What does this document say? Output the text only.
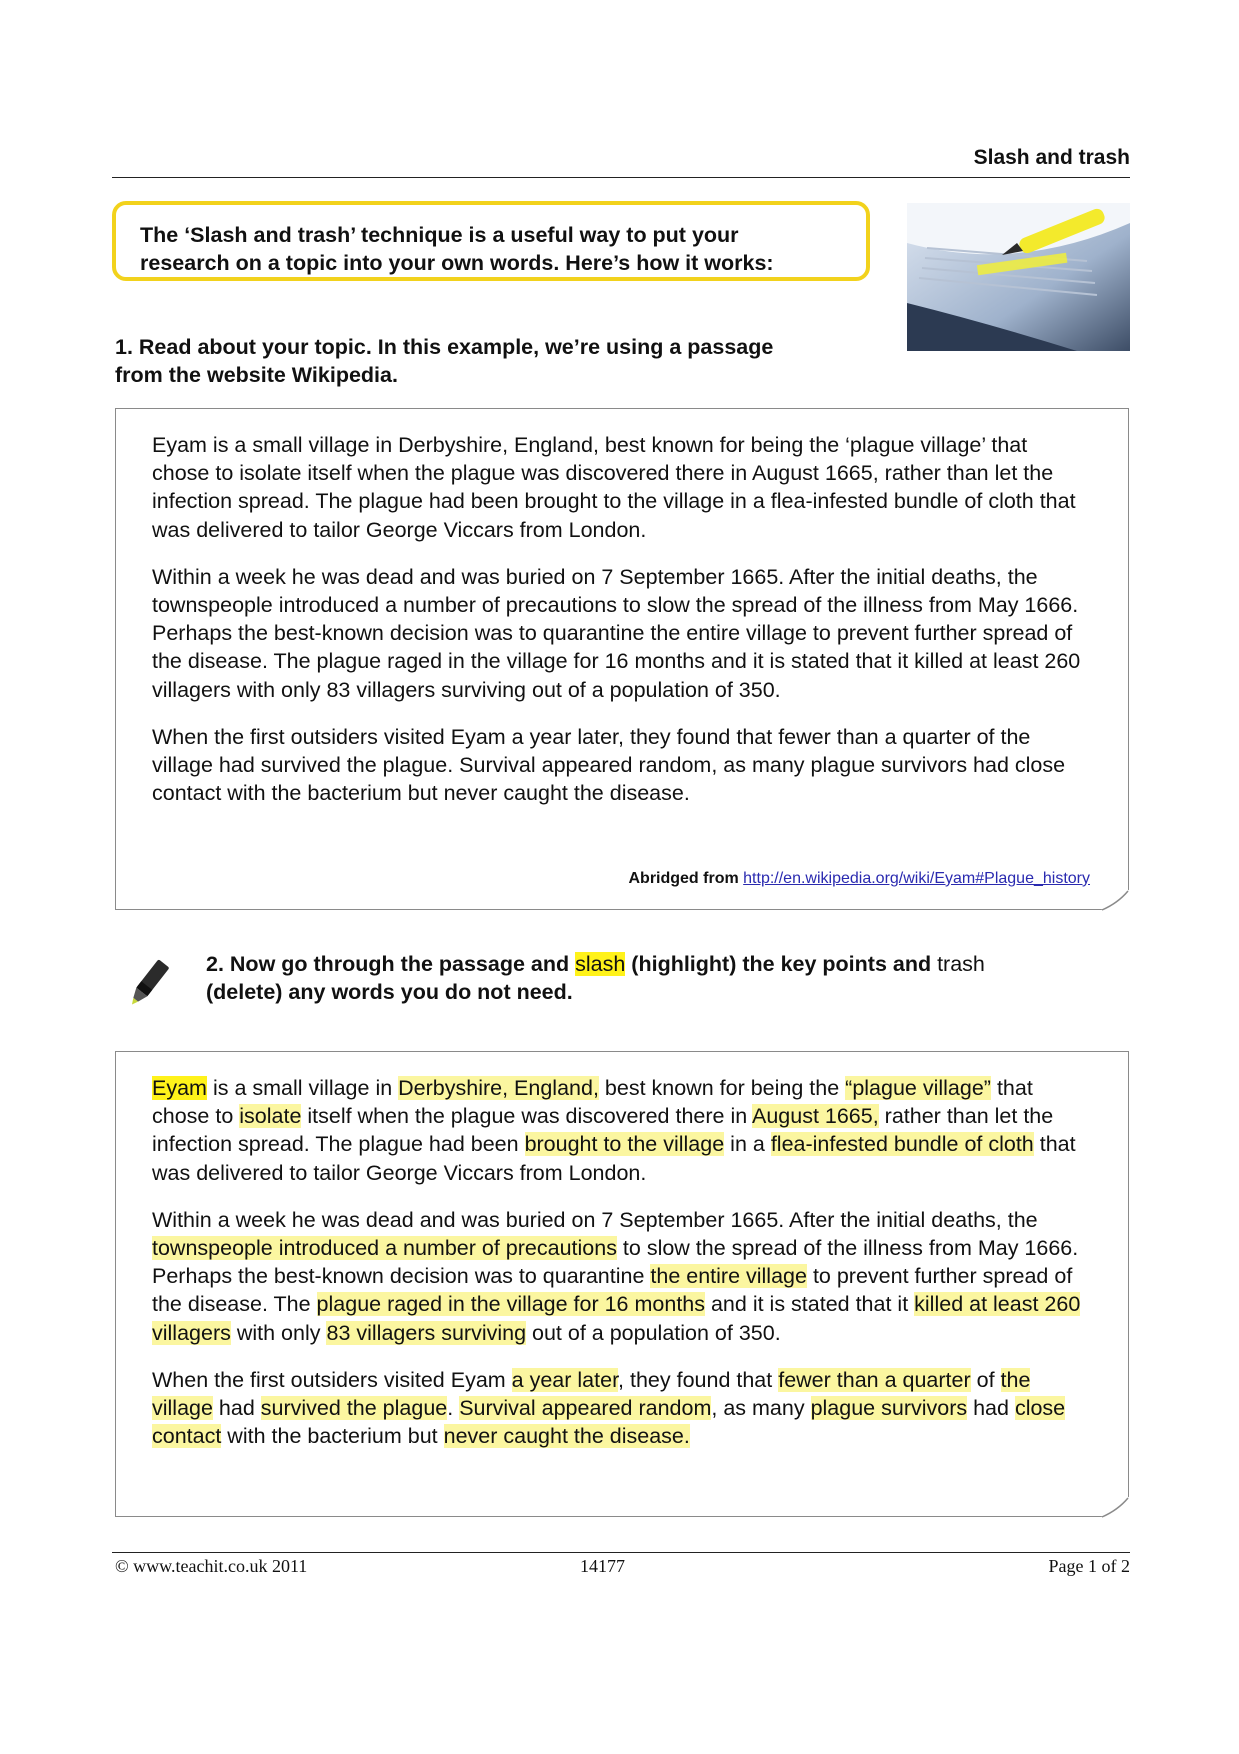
Slash and trash
The ‘Slash and trash’ technique is a useful way to put your
research on a topic into your own words. Here’s how it works:
1. Read about your topic. In this example, we’re using a passage
from the website Wikipedia.

Eyam is a small village in Derbyshire, England, best known for being the ‘plague village’ that chose to isolate itself when the plague was discovered there in August 1665, rather than let the infection spread. The plague had been brought to the village in a flea-infested bundle of cloth that was delivered to tailor George Viccars from London.

Within a week he was dead and was buried on 7 September 1665. After the initial deaths, the townspeople introduced a number of precautions to slow the spread of the illness from May 1666. Perhaps the best-known decision was to quarantine the entire village to prevent further spread of the disease. The plague raged in the village for 16 months and it is stated that it killed at least 260 villagers with only 83 villagers surviving out of a population of 350.

When the first outsiders visited Eyam a year later, they found that fewer than a quarter of the village had survived the plague. Survival appeared random, as many plague survivors had close contact with the bacterium but never caught the disease.

Abridged from http://en.wikipedia.org/wiki/Eyam#Plague_history
2. Now go through the passage and slash (highlight) the key points and trash
(delete) any words you do not need.

Eyam is a small village in Derbyshire, England, best known for being the “plague village” that chose to isolate itself when the plague was discovered there in August 1665, rather than let the infection spread. The plague had been brought to the village in a flea-infested bundle of cloth that was delivered to tailor George Viccars from London.

Within a week he was dead and was buried on 7 September 1665. After the initial deaths, the townspeople introduced a number of precautions to slow the spread of the illness from May 1666. Perhaps the best-known decision was to quarantine the entire village to prevent further spread of the disease. The plague raged in the village for 16 months and it is stated that it killed at least 260 villagers with only 83 villagers surviving out of a population of 350.

When the first outsiders visited Eyam a year later, they found that fewer than a quarter of the village had survived the plague. Survival appeared random, as many plague survivors had close contact with the bacterium but never caught the disease.

© www.teachit.co.uk 2011	14177	Page 1 of 2
